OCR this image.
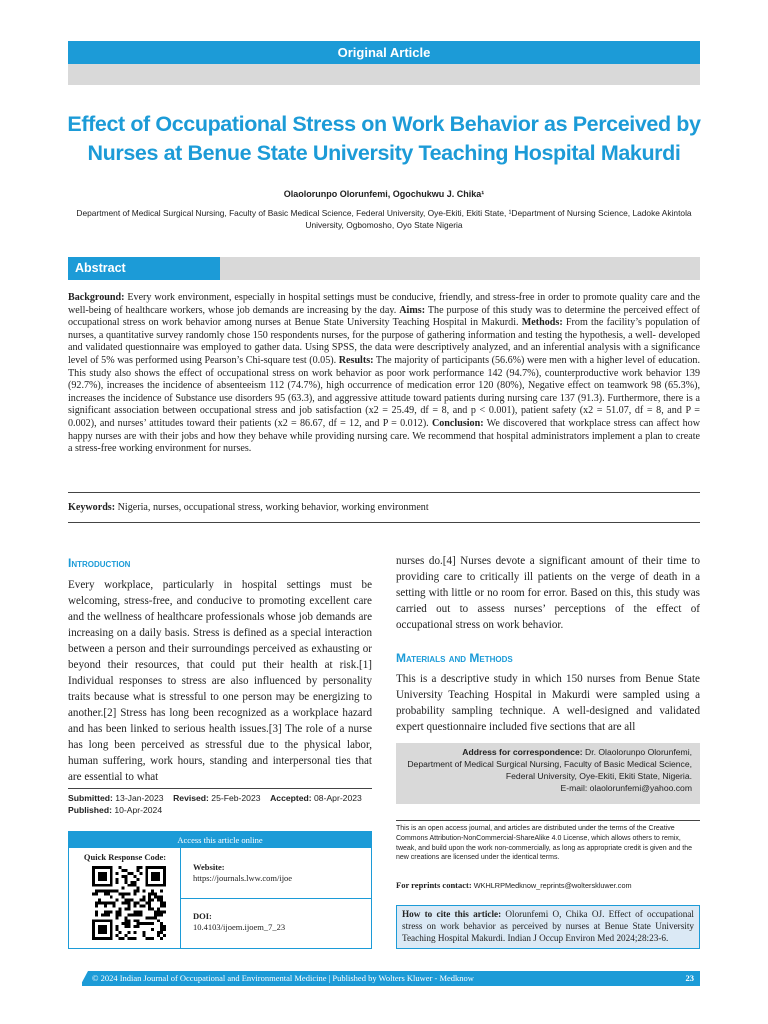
Original Article
Effect of Occupational Stress on Work Behavior as Perceived by Nurses at Benue State University Teaching Hospital Makurdi
Olaolorunpo Olorunfemi, Ogochukwu J. Chika¹
Department of Medical Surgical Nursing, Faculty of Basic Medical Science, Federal University, Oye-Ekiti, Ekiti State, ¹Department of Nursing Science, Ladoke Akintola University, Ogbomosho, Oyo State Nigeria
Abstract
Background: Every work environment, especially in hospital settings must be conducive, friendly, and stress-free in order to promote quality care and the well-being of healthcare workers, whose job demands are increasing by the day. Aims: The purpose of this study was to determine the perceived effect of occupational stress on work behavior among nurses at Benue State University Teaching Hospital in Makurdi. Methods: From the facility’s population of nurses, a quantitative survey randomly chose 150 respondents nurses, for the purpose of gathering information and testing the hypothesis, a well- developed and validated questionnaire was employed to gather data. Using SPSS, the data were descriptively analyzed, and an inferential analysis with a significance level of 5% was performed using Pearson’s Chi-square test (0.05). Results: The majority of participants (56.6%) were men with a higher level of education. This study also shows the effect of occupational stress on work behavior as poor work performance 142 (94.7%), counterproductive work behavior 139 (92.7%), increases the incidence of absenteeism 112 (74.7%), high occurrence of medication error 120 (80%), Negative effect on teamwork 98 (65.3%), increases the incidence of Substance use disorders 95 (63.3), and aggressive attitude toward patients during nursing care 137 (91.3). Furthermore, there is a significant association between occupational stress and job satisfaction (x2 = 25.49, df = 8, and p < 0.001), patient safety (x2 = 51.07, df = 8, and P = 0.002), and nurses’ attitudes toward their patients (x2 = 86.67, df = 12, and P = 0.012). Conclusion: We discovered that workplace stress can affect how happy nurses are with their jobs and how they behave while providing nursing care. We recommend that hospital administrators implement a plan to create a stress-free working environment for nurses.
Keywords: Nigeria, nurses, occupational stress, working behavior, working environment
Introduction

Every workplace, particularly in hospital settings must be welcoming, stress-free, and conducive to promoting excellent care and the wellness of healthcare professionals whose job demands are increasing on a daily basis. Stress is defined as a special interaction between a person and their surroundings perceived as exhausting or beyond their resources, that could put their health at risk.[1] Individual responses to stress are also influenced by personality traits because what is stressful to one person may be energizing to another.[2] Stress has long been recognized as a workplace hazard and has been linked to serious health issues.[3] The role of a nurse has long been perceived as stressful due to the physical labor, human suffering, work hours, standing and interpersonal ties that are essential to what

nurses do.[4] Nurses devote a significant amount of their time to providing care to critically ill patients on the verge of death in a setting with little or no room for error. Based on this, this study was carried out to assess nurses’ perceptions of the effect of occupational stress on work behavior.

Materials and Methods

This is a descriptive study in which 150 nurses from Benue State University Teaching Hospital in Makurdi were sampled using a probability sampling technique. A well-designed and validated expert questionnaire included five sections that are all

Address for correspondence: Dr. Olaolorunpo Olorunfemi,
Department of Medical Surgical Nursing, Faculty of Basic Medical Science,
Federal University, Oye-Ekiti, Ekiti State, Nigeria.
E-mail: olaolorunfemi@yahoo.com
Submitted: 13-Jan-2023 Revised: 25-Feb-2023 Accepted: 08-Apr-2023
Published: 10-Apr-2024
Access this article online
Quick Response Code:
Website:
https://journals.lww.com/ijoe
DOI:
10.4103/ijoem.ijoem_7_23
This is an open access journal, and articles are distributed under the terms of the Creative Commons Attribution-NonCommercial-ShareAlike 4.0 License, which allows others to remix, tweak, and build upon the work non-commercially, as long as appropriate credit is given and the new creations are licensed under the identical terms.
For reprints contact: WKHLRPMedknow_reprints@wolterskluwer.com
How to cite this article: Olorunfemi O, Chika OJ. Effect of occupational stress on work behavior as perceived by nurses at Benue State University Teaching Hospital Makurdi. Indian J Occup Environ Med 2024;28:23-6.
© 2024 Indian Journal of Occupational and Environmental Medicine | Published by Wolters Kluwer - Medknow	23
